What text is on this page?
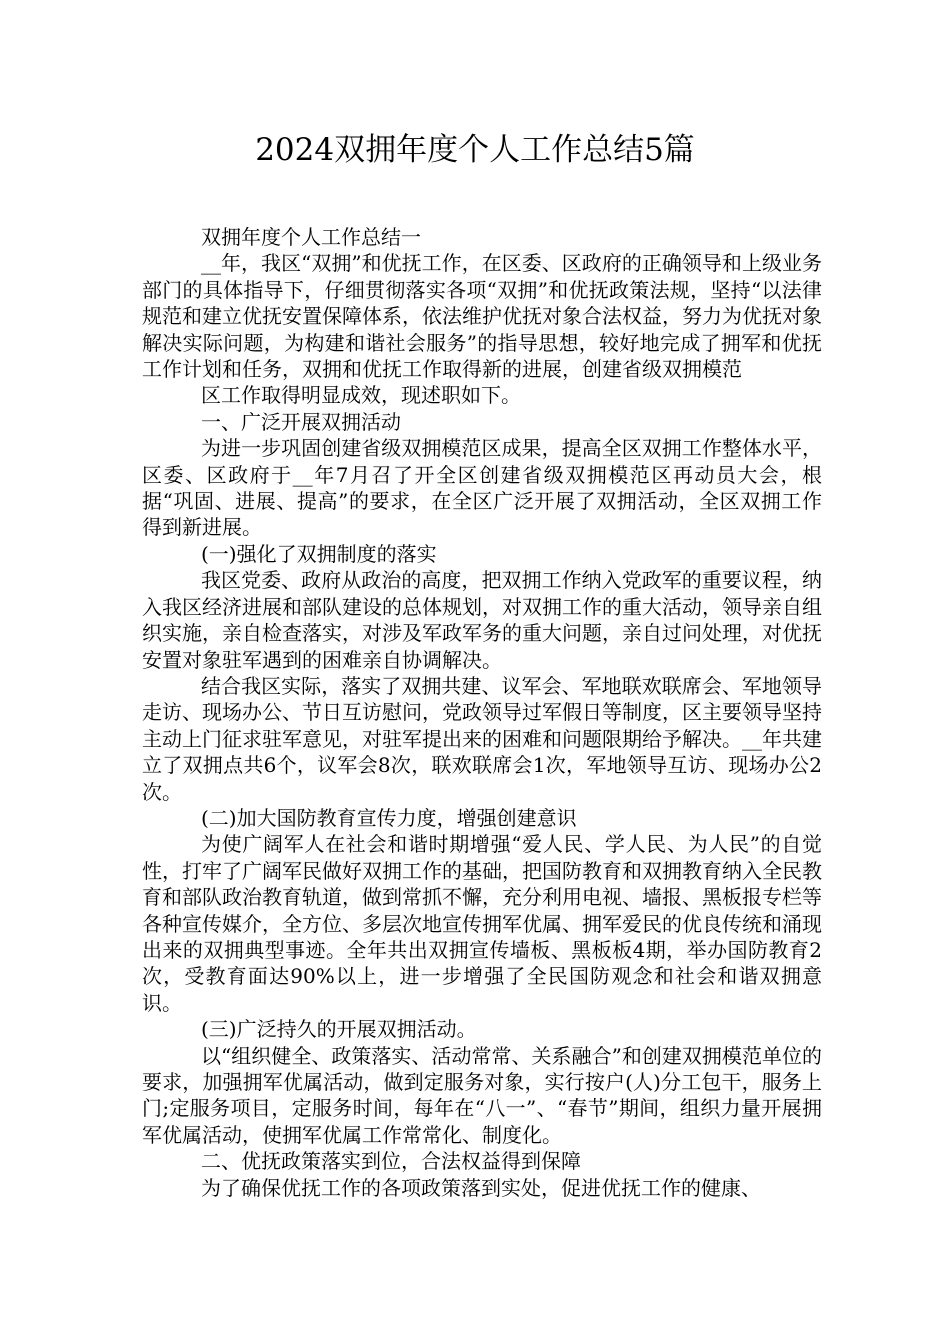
2024双拥年度个人工作总结5篇

双拥年度个人工作总结一

__年，我区“双拥”和优抚工作，在区委、区政府的正确领导和上级业务部门的具体指导下，仔细贯彻落实各项“双拥”和优抚政策法规，坚持“以法律规范和建立优抚安置保障体系，依法维护优抚对象合法权益，努力为优抚对象解决实际问题，为构建和谐社会服务”的指导思想，较好地完成了拥军和优抚工作计划和任务，双拥和优抚工作取得新的进展，创建省级双拥模范

区工作取得明显成效，现述职如下。

一、广泛开展双拥活动

为进一步巩固创建省级双拥模范区成果，提高全区双拥工作整体水平，区委、区政府于__年7月召了开全区创建省级双拥模范区再动员大会，根据“巩固、进展、提高”的要求，在全区广泛开展了双拥活动，全区双拥工作得到新进展。

(一)强化了双拥制度的落实

我区党委、政府从政治的高度，把双拥工作纳入党政军的重要议程，纳入我区经济进展和部队建设的总体规划，对双拥工作的重大活动，领导亲自组织实施，亲自检查落实，对涉及军政军务的重大问题，亲自过问处理，对优抚安置对象驻军遇到的困难亲自协调解决。

结合我区实际，落实了双拥共建、议军会、军地联欢联席会、军地领导走访、现场办公、节日互访慰问，党政领导过军假日等制度，区主要领导坚持主动上门征求驻军意见，对驻军提出来的困难和问题限期给予解决。__年共建立了双拥点共6个，议军会8次，联欢联席会1次，军地领导互访、现场办公2次。

(二)加大国防教育宣传力度，增强创建意识

为使广阔军人在社会和谐时期增强“爱人民、学人民、为人民”的自觉性，打牢了广阔军民做好双拥工作的基础，把国防教育和双拥教育纳入全民教育和部队政治教育轨道，做到常抓不懈，充分利用电视、墙报、黑板报专栏等各种宣传媒介，全方位、多层次地宣传拥军优属、拥军爱民的优良传统和涌现出来的双拥典型事迹。全年共出双拥宣传墙板、黑板板4期，举办国防教育2次，受教育面达90%以上，进一步增强了全民国防观念和社会和谐双拥意识。

(三)广泛持久的开展双拥活动。

以“组织健全、政策落实、活动常常、关系融合”和创建双拥模范单位的要求，加强拥军优属活动，做到定服务对象，实行按户(人)分工包干，服务上门;定服务项目，定服务时间，每年在“八一”、“春节”期间，组织力量开展拥军优属活动，使拥军优属工作常常化、制度化。

二、优抚政策落实到位，合法权益得到保障

为了确保优抚工作的各项政策落到实处，促进优抚工作的健康、
